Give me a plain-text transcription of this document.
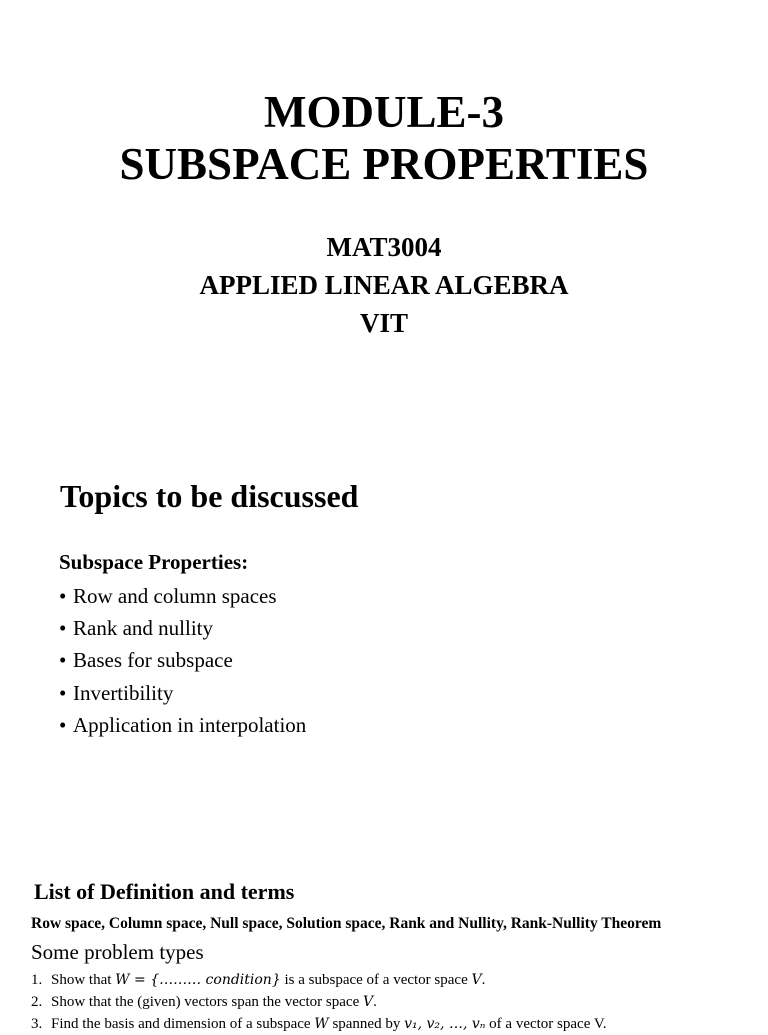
MODULE-3

SUBSPACE PROPERTIES

MAT3004

APPLIED LINEAR ALGEBRA

VIT

Topics to be discussed

Subspace Properties:

• Row and column spaces
• Rank and nullity
• Bases for subspace
• Invertibility
• Application in interpolation
List of Definition and terms

Row space, Column space, Null space, Solution space, Rank and Nullity, Rank-Nullity Theorem

Some problem types

1. Show that W = {……… condition} is a subspace of a vector space V.
2. Show that the (given) vectors span the vector space V.
3. Find the basis and dimension of a subspace W spanned by v₁, v₂, …, vₙ of a vector space V.
